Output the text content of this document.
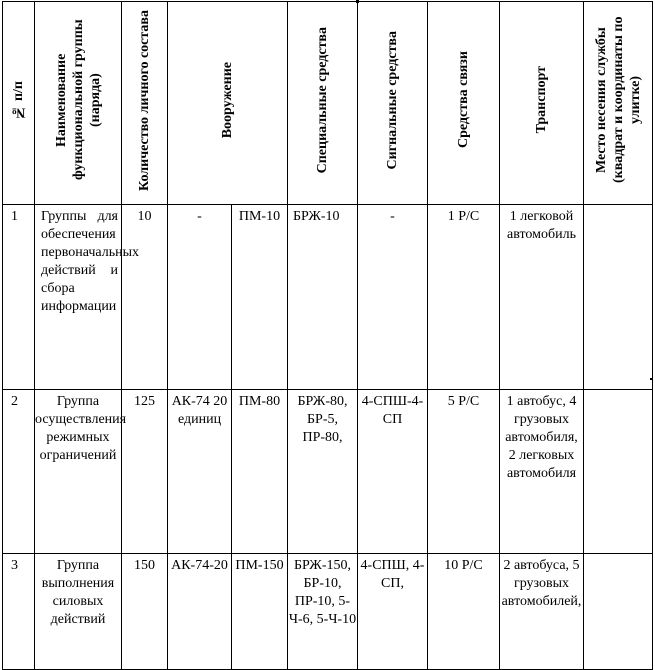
№ п/п	Наименование функциональной группы (наряда)	Количество личного состава	Вооружение		Специальные средства	Сигнальные средства	Средства связи	Транспорт	Место несения службы (квадрат и координаты по улитке)
1	Группы для обеспечения первоначальных действий и сбора информации	10	-	ПМ-10	БРЖ-10	-	1 Р/С	1 легковой автомобиль	
2	Группа осуществления режимных ограничений	125	АК-74 20 единиц	ПМ-80	БРЖ-80, БР-5, ПР-80,	4-СПШ-4-СП	5 Р/С	1 автобус, 4 грузовых автомобиля, 2 легковых автомобиля	
3	Группа выполнения силовых действий	150	АК-74-20	ПМ-150	БРЖ-150, БР-10, ПР-10, 5-Ч-6, 5-Ч-10	4-СПШ, 4-СП,	10 Р/С	2 автобуса, 5 грузовых автомобилей,	
